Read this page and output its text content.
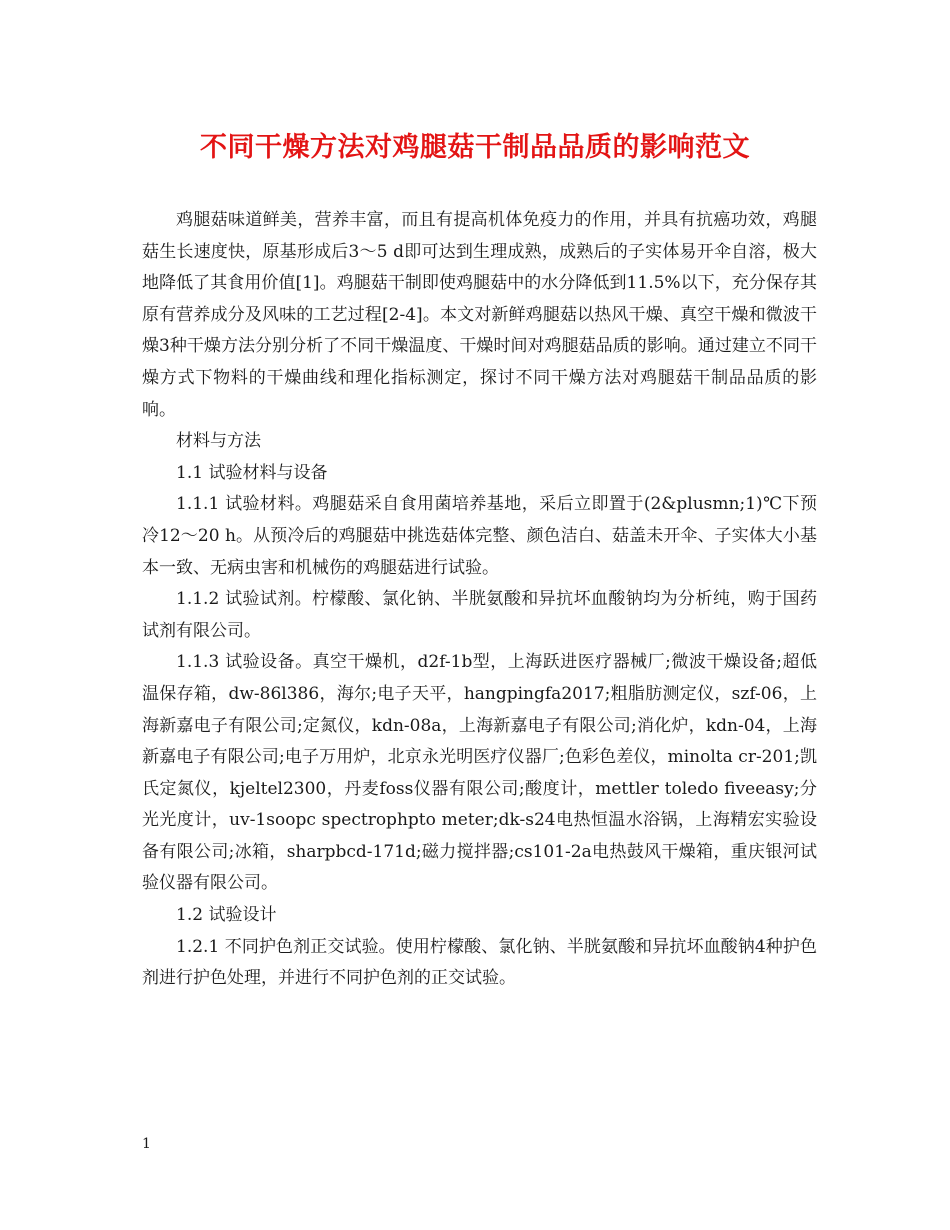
不同干燥方法对鸡腿菇干制品品质的影响范文

鸡腿菇味道鲜美，营养丰富，而且有提高机体免疫力的作用，并具有抗癌功效，鸡腿菇生长速度快，原基形成后3～5 d即可达到生理成熟，成熟后的子实体易开伞自溶，极大地降低了其食用价值[1]。鸡腿菇干制即使鸡腿菇中的水分降低到11.5%以下，充分保存其原有营养成分及风味的工艺过程[2-4]。本文对新鲜鸡腿菇以热风干燥、真空干燥和微波干燥3种干燥方法分别分析了不同干燥温度、干燥时间对鸡腿菇品质的影响。通过建立不同干燥方式下物料的干燥曲线和理化指标测定，探讨不同干燥方法对鸡腿菇干制品品质的影响。

材料与方法

1.1 试验材料与设备

1.1.1 试验材料。鸡腿菇采自食用菌培养基地，采后立即置于(2&plusmn;1)℃下预冷12～20 h。从预冷后的鸡腿菇中挑选菇体完整、颜色洁白、菇盖未开伞、子实体大小基本一致、无病虫害和机械伤的鸡腿菇进行试验。

1.1.2 试验试剂。柠檬酸、氯化钠、半胱氨酸和异抗坏血酸钠均为分析纯，购于国药试剂有限公司。

1.1.3 试验设备。真空干燥机，d2f-1b型，上海跃进医疗器械厂;微波干燥设备;超低温保存箱，dw-86l386，海尔;电子天平，hangpingfa2017;粗脂肪测定仪，szf-06，上海新嘉电子有限公司;定氮仪，kdn-08a，上海新嘉电子有限公司;消化炉，kdn-04，上海新嘉电子有限公司;电子万用炉，北京永光明医疗仪器厂;色彩色差仪，minolta cr-201;凯氏定氮仪，kjeltel2300，丹麦foss仪器有限公司;酸度计，mettler toledo fiveeasy;分光光度计，uv-1soopc spectrophpto meter;dk-s24电热恒温水浴锅，上海精宏实验设备有限公司;冰箱，sharpbcd-171d;磁力搅拌器;cs101-2a电热鼓风干燥箱，重庆银河试验仪器有限公司。

1.2 试验设计

1.2.1 不同护色剂正交试验。使用柠檬酸、氯化钠、半胱氨酸和异抗坏血酸钠4种护色剂进行护色处理，并进行不同护色剂的正交试验。

1
